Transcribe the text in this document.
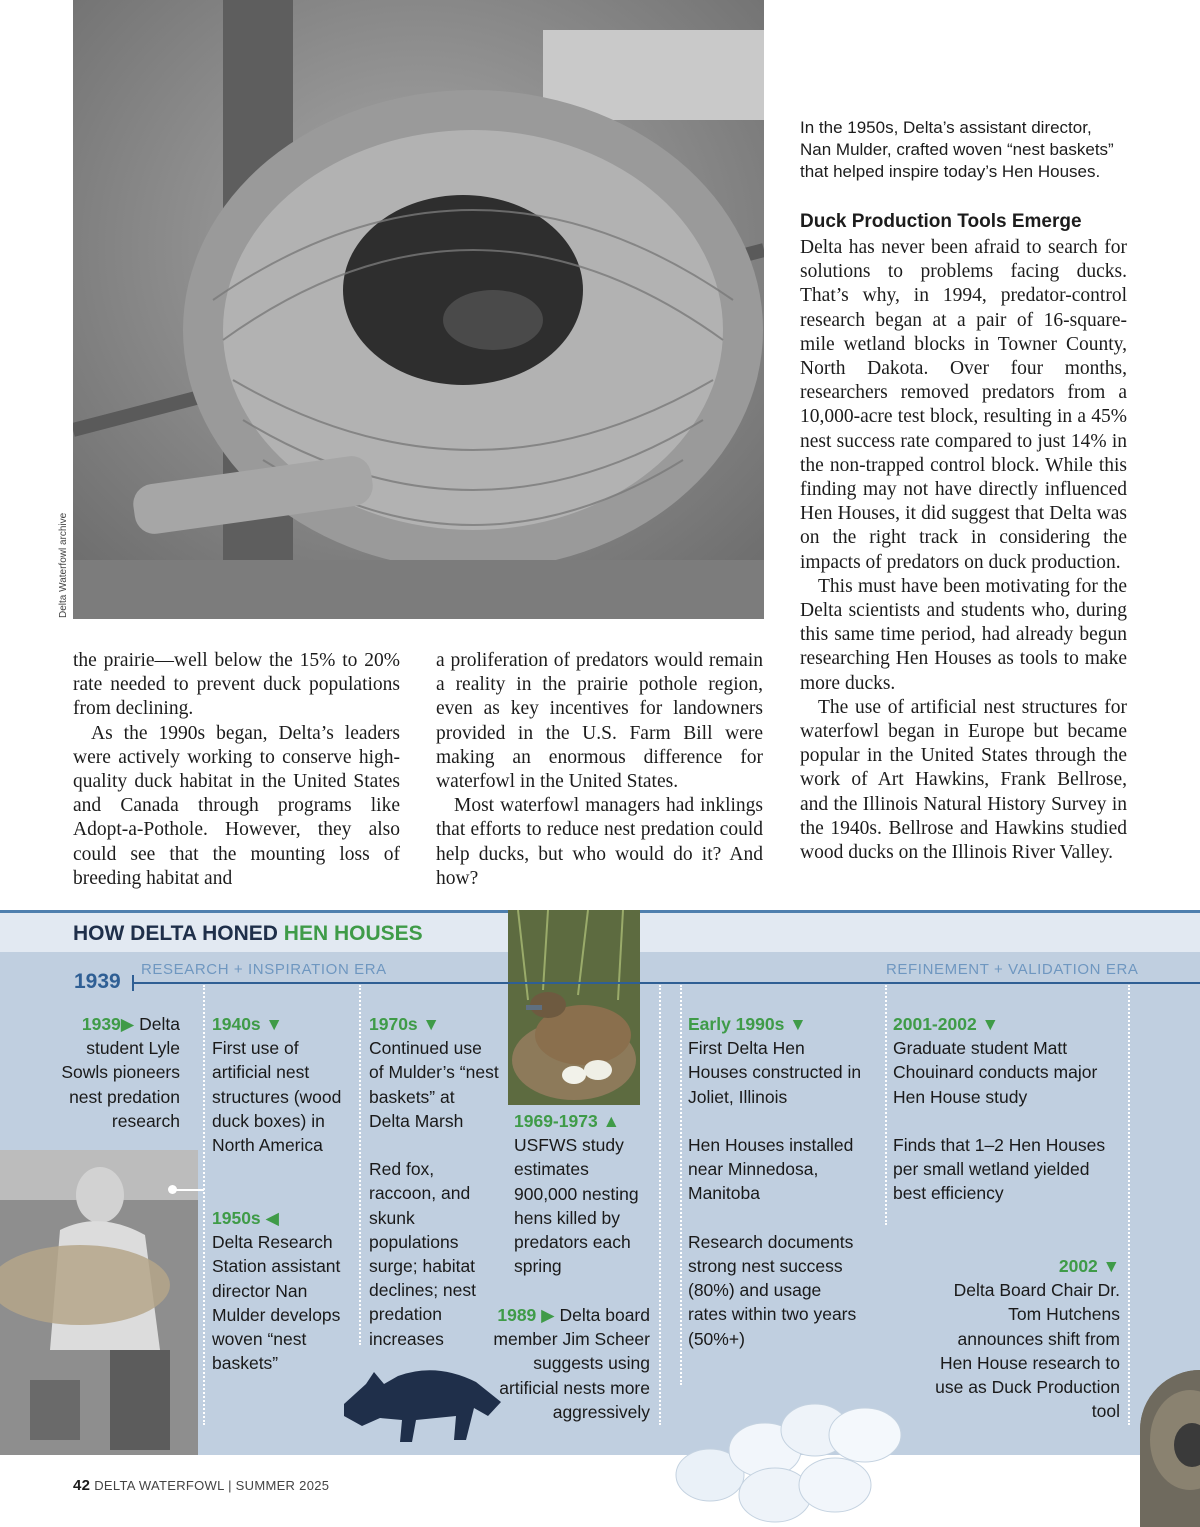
Delta Waterfowl archive
In the 1950s, Delta’s assistant director, Nan Mulder, crafted woven “nest baskets” that helped inspire today’s Hen Houses.
Duck Production Tools Emerge

the prairie—well below the 15% to 20% rate needed to prevent duck populations from declining.

As the 1990s began, Delta’s leaders were actively working to conserve high-quality duck habitat in the United States and Canada through programs like Adopt-a-Pothole. However, they also could see that the mounting loss of breeding habitat and

a proliferation of predators would remain a reality in the prairie pothole region, even as key incentives for landowners provided in the U.S. Farm Bill were making an enormous difference for waterfowl in the United States.

Most waterfowl managers had inklings that efforts to reduce nest predation could help ducks, but who would do it? And how?

Delta has never been afraid to search for solutions to problems facing ducks. That’s why, in 1994, predator-control research began at a pair of 16-square-mile wetland blocks in Towner County, North Dakota. Over four months, researchers removed predators from a 10,000-acre test block, resulting in a 45% nest success rate compared to just 14% in the non-trapped control block. While this finding may not have directly influenced Hen Houses, it did suggest that Delta was on the right track in considering the impacts of predators on duck production.

This must have been motivating for the Delta scientists and students who, during this same time period, had already begun researching Hen Houses as tools to make more ducks.

The use of artificial nest structures for waterfowl began in Europe but became popular in the United States through the work of Art Hawkins, Frank Bellrose, and the Illinois Natural History Survey in the 1940s. Bellrose and Hawkins studied wood ducks on the Illinois River Valley.

HOW DELTA HONED HEN HOUSES
1939
RESEARCH + INSPIRATION ERA	REFINEMENT + VALIDATION ERA
1939▶ Delta student Lyle Sowls pioneers nest predation research
1940s ▼
First use of artificial nest structures (wood duck boxes) in North America
1950s ◀
Delta Research Station assistant director Nan Mulder develops woven “nest baskets”
1970s ▼
Continued use of Mulder’s “nest baskets” at Delta Marsh

Red fox, raccoon, and skunk populations surge; habitat declines; nest predation increases
1969-1973 ▲
USFWS study estimates 900,000 nesting hens killed by predators each spring
1989 ▶ Delta board member Jim Scheer suggests using artificial nests more aggressively
Early 1990s ▼
First Delta Hen Houses constructed in Joliet, Illinois

Hen Houses installed near Minnedosa, Manitoba

Research documents strong nest success (80%) and usage rates within two years (50%+)
2001-2002 ▼
Graduate student Matt Chouinard conducts major Hen House study

Finds that 1–2 Hen Houses per small wetland yielded best efficiency
2002 ▼
Delta Board Chair Dr. Tom Hutchens announces shift from Hen House research to use as Duck Production tool
42 DELTA WATERFOWL | SUMMER 2025
